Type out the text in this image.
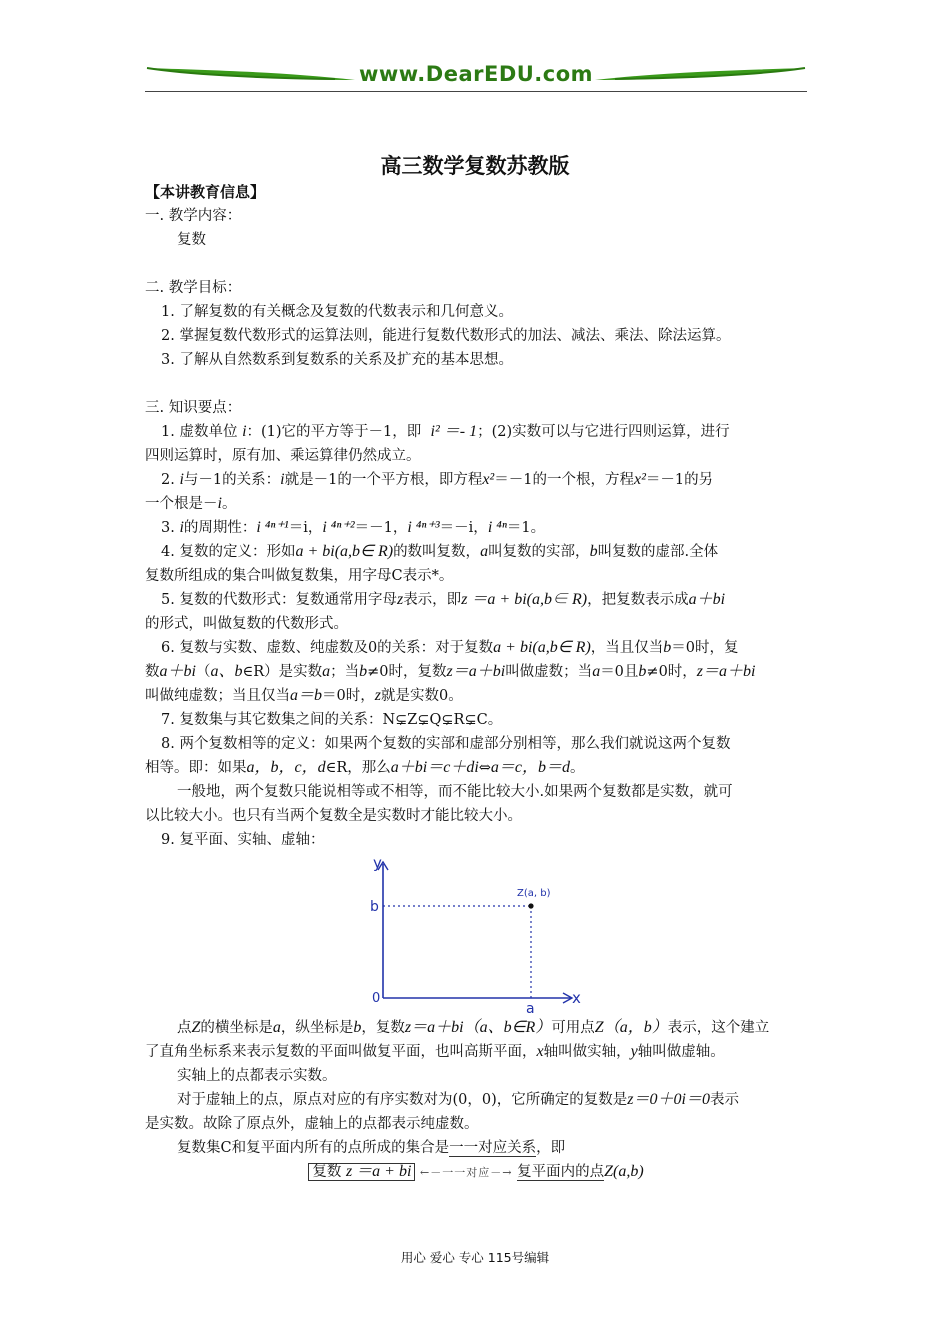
www.DearEDU.com
高三数学复数苏教版

【本讲教育信息】

一. 教学内容：

复数

二. 教学目标：

1. 了解复数的有关概念及复数的代数表示和几何意义。

2. 掌握复数代数形式的运算法则，能进行复数代数形式的加法、减法、乘法、除法运算。

3. 了解从自然数系到复数系的关系及扩充的基本思想。

三. 知识要点：

1. 虚数单位 i：(1)它的平方等于－1，即 i² ＝- 1；(2)实数可以与它进行四则运算，进行

四则运算时，原有加、乘运算律仍然成立。

2. i与－1的关系：i就是－1的一个平方根，即方程x²＝－1的一个根，方程x²＝－1的另

一个根是－i。

3. i的周期性：i ⁴ⁿ⁺¹＝i，i ⁴ⁿ⁺²＝－1，i ⁴ⁿ⁺³＝－i，i ⁴ⁿ＝1。

4. 复数的定义：形如a + bi(a,b∈ R)的数叫复数，a叫复数的实部，b叫复数的虚部.全体

复数所组成的集合叫做复数集，用字母C表示*。

5. 复数的代数形式：复数通常用字母z表示，即z ＝a + bi(a,b∈ R)，把复数表示成a＋bi

的形式，叫做复数的代数形式。

6. 复数与实数、虚数、纯虚数及0的关系：对于复数a + bi(a,b∈ R)，当且仅当b＝0时，复

数a＋bi（a、b∈R）是实数a；当b≠0时，复数z＝a＋bi叫做虚数；当a＝0且b≠0时，z＝a＋bi

叫做纯虚数；当且仅当a＝b＝0时，z就是实数0。

7. 复数集与其它数集之间的关系：N⊊Z⊊Q⊊R⊊C。

8. 两个复数相等的定义：如果两个复数的实部和虚部分别相等，那么我们就说这两个复数

相等。即：如果a，b，c，d∈R，那么a＋bi＝c＋di⇔a＝c，b＝d。

一般地，两个复数只能说相等或不相等，而不能比较大小.如果两个复数都是实数，就可

以比较大小。也只有当两个复数全是实数时才能比较大小。

9. 复平面、实轴、虚轴：

y
x
0
b
a
Z(a, b)

点Z的横坐标是a，纵坐标是b，复数z＝a＋bi（a、b∈R）可用点Z（a，b）表示，这个建立

了直角坐标系来表示复数的平面叫做复平面，也叫高斯平面，x轴叫做实轴，y轴叫做虚轴。

实轴上的点都表示实数。

对于虚轴上的点，原点对应的有序实数对为(0，0)，它所确定的复数是z＝0＋0i＝0表示

是实数。故除了原点外，虚轴上的点都表示纯虚数。

复数集C和复平面内所有的点所成的集合是一一对应关系，即

复数 z ＝a + bi ←－一一对应－→ 复平面内的点Z(a,b)

用心 爱心 专心 115号编辑
